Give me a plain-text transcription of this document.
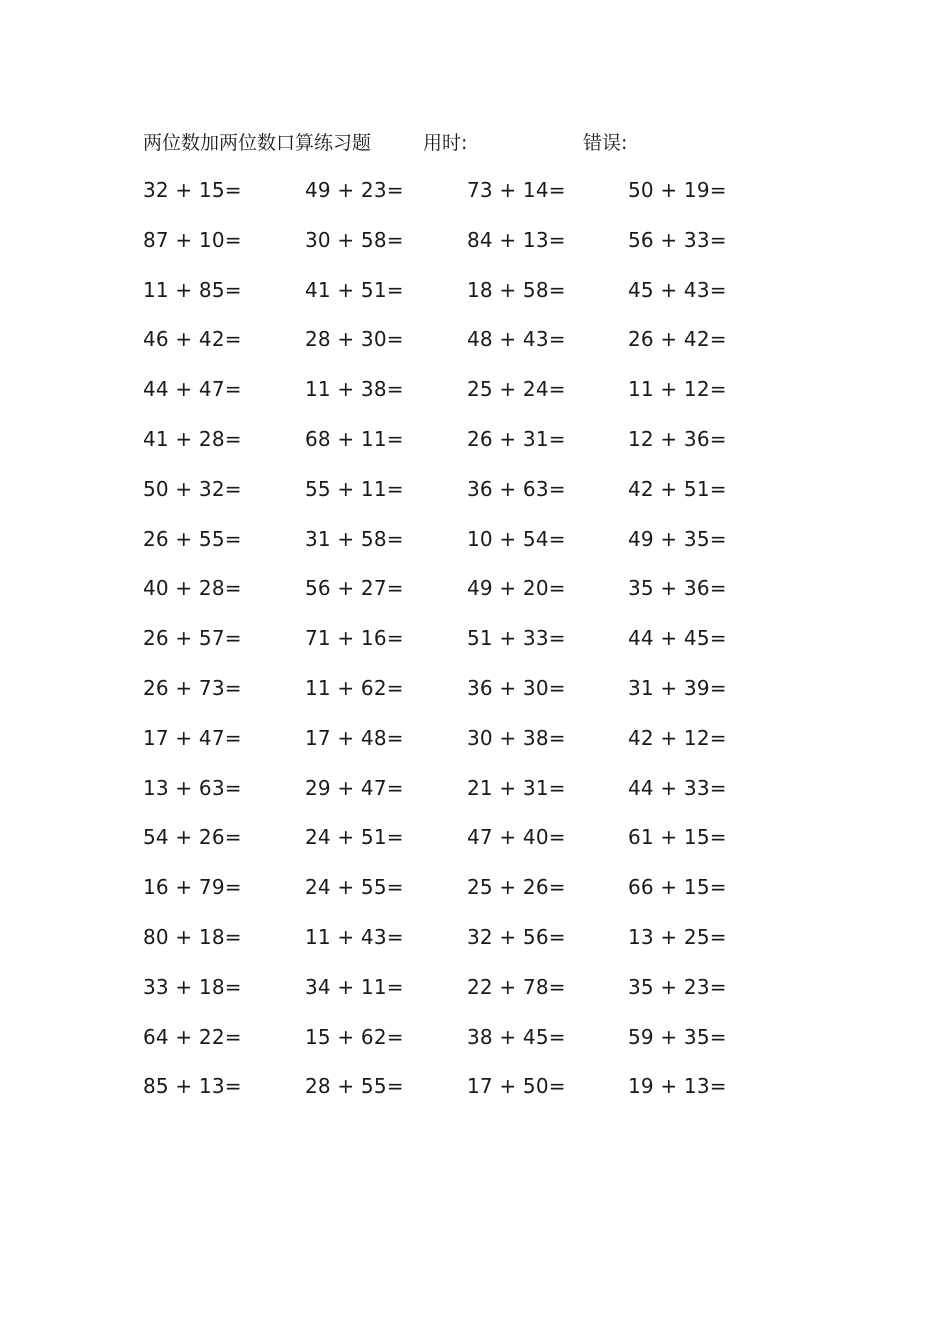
两位数加两位数口算练习题	用时:	错误:
32 + 15=	49 + 23=	73 + 14=	50 + 19=
87 + 10=	30 + 58=	84 + 13=	56 + 33=
11 + 85=	41 + 51=	18 + 58=	45 + 43=
46 + 42=	28 + 30=	48 + 43=	26 + 42=
44 + 47=	11 + 38=	25 + 24=	11 + 12=
41 + 28=	68 + 11=	26 + 31=	12 + 36=
50 + 32=	55 + 11=	36 + 63=	42 + 51=
26 + 55=	31 + 58=	10 + 54=	49 + 35=
40 + 28=	56 + 27=	49 + 20=	35 + 36=
26 + 57=	71 + 16=	51 + 33=	44 + 45=
26 + 73=	11 + 62=	36 + 30=	31 + 39=
17 + 47=	17 + 48=	30 + 38=	42 + 12=
13 + 63=	29 + 47=	21 + 31=	44 + 33=
54 + 26=	24 + 51=	47 + 40=	61 + 15=
16 + 79=	24 + 55=	25 + 26=	66 + 15=
80 + 18=	11 + 43=	32 + 56=	13 + 25=
33 + 18=	34 + 11=	22 + 78=	35 + 23=
64 + 22=	15 + 62=	38 + 45=	59 + 35=
85 + 13=	28 + 55=	17 + 50=	19 + 13=
